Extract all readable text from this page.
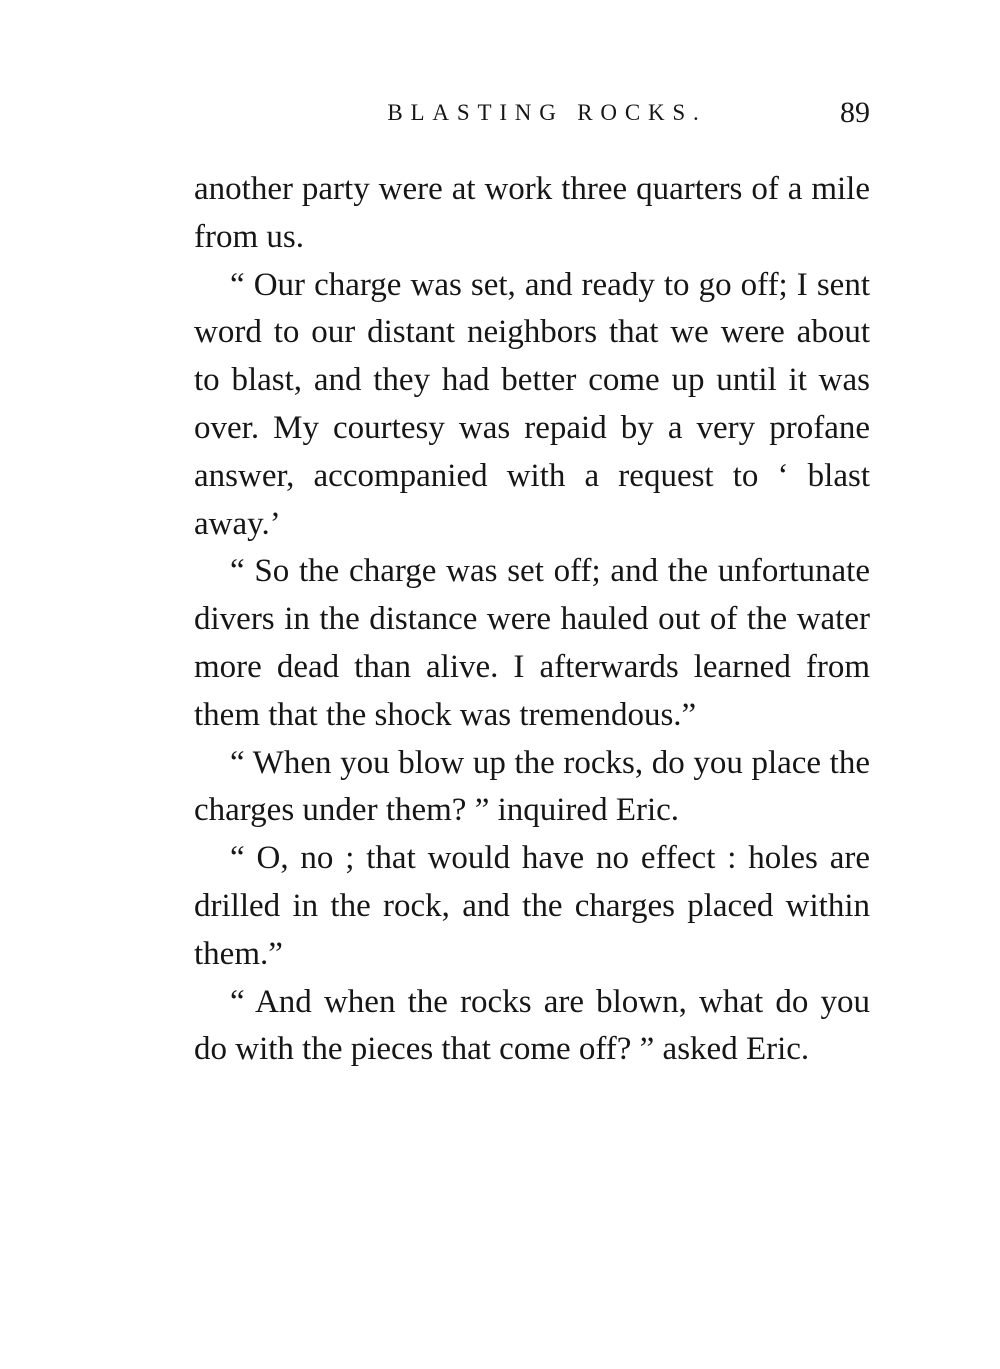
BLASTING ROCKS.	89

another party were at work three quarters of a mile from us.

“ Our charge was set, and ready to go off; I sent word to our distant neighbors that we were about to blast, and they had better come up until it was over. My courtesy was repaid by a very profane answer, accompanied with a request to ‘ blast away.’

“ So the charge was set off; and the unfortunate divers in the distance were hauled out of the water more dead than alive. I afterwards learned from them that the shock was tremendous.”

“ When you blow up the rocks, do you place the charges under them? ” inquired Eric.

“ O, no ; that would have no effect : holes are drilled in the rock, and the charges placed within them.”

“ And when the rocks are blown, what do you do with the pieces that come off? ” asked Eric.
